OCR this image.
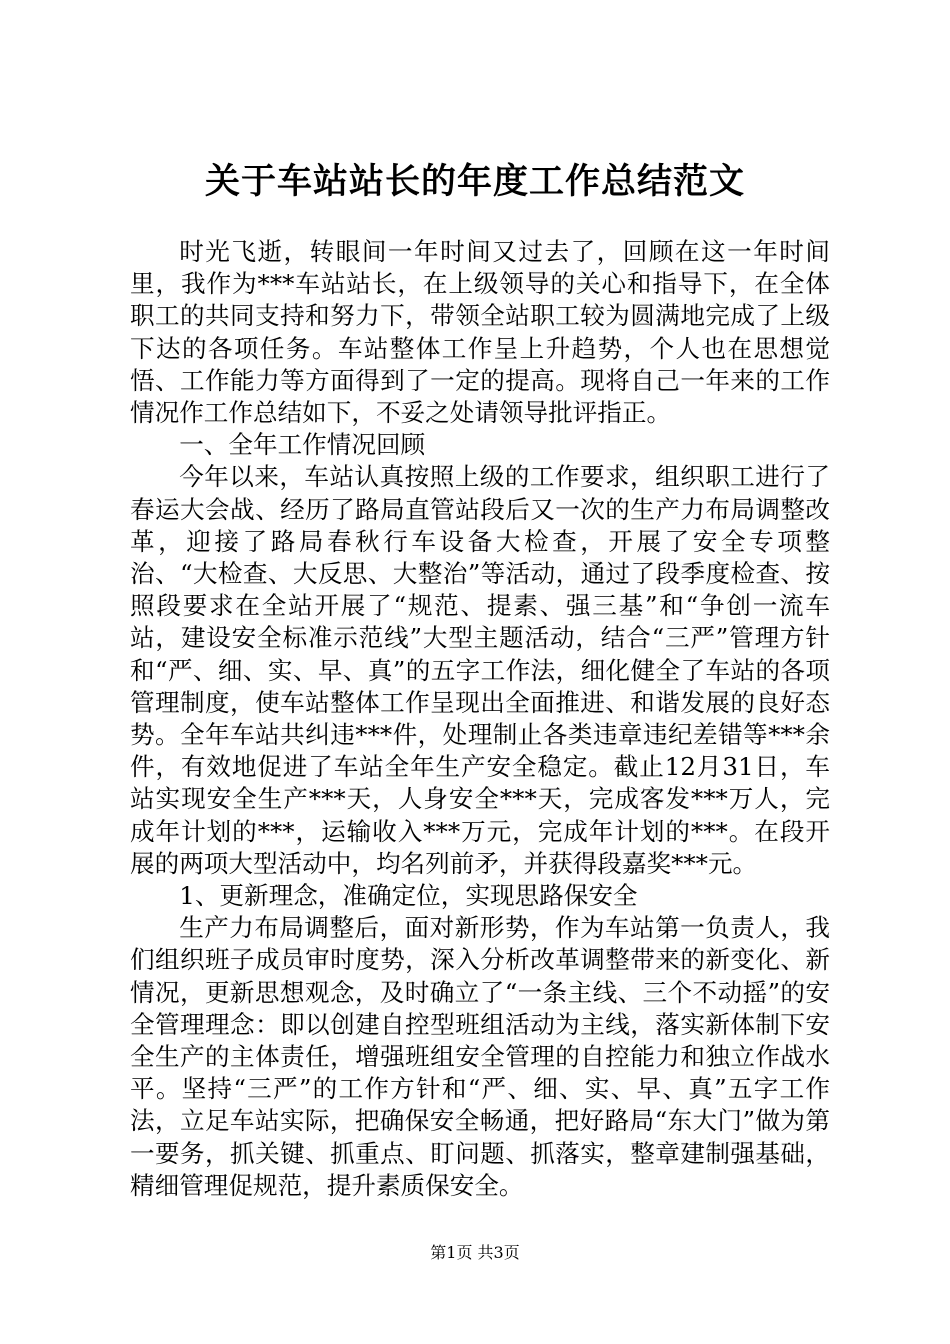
关于车站站长的年度工作总结范文

时光飞逝，转眼间一年时间又过去了，回顾在这一年时间里，我作为***车站站长，在上级领导的关心和指导下，在全体职工的共同支持和努力下，带领全站职工较为圆满地完成了上级下达的各项任务。车站整体工作呈上升趋势，个人也在思想觉悟、工作能力等方面得到了一定的提高。现将自己一年来的工作情况作工作总结如下，不妥之处请领导批评指正。

一、全年工作情况回顾

今年以来，车站认真按照上级的工作要求，组织职工进行了春运大会战、经历了路局直管站段后又一次的生产力布局调整改革，迎接了路局春秋行车设备大检查，开展了安全专项整治、“大检查、大反思、大整治”等活动，通过了段季度检查、按照段要求在全站开展了“规范、提素、强三基”和“争创一流车站，建设安全标准示范线”大型主题活动，结合“三严”管理方针和“严、细、实、早、真”的五字工作法，细化健全了车站的各项管理制度，使车站整体工作呈现出全面推进、和谐发展的良好态势。全年车站共纠违***件，处理制止各类违章违纪差错等***余件，有效地促进了车站全年生产安全稳定。截止12月31日，车站实现安全生产***天，人身安全***天，完成客发***万人，完成年计划的***，运输收入***万元，完成年计划的***。在段开展的两项大型活动中，均名列前矛，并获得段嘉奖***元。

1、更新理念，准确定位，实现思路保安全

生产力布局调整后，面对新形势，作为车站第一负责人，我们组织班子成员审时度势，深入分析改革调整带来的新变化、新情况，更新思想观念，及时确立了“一条主线、三个不动摇”的安全管理理念：即以创建自控型班组活动为主线，落实新体制下安全生产的主体责任，增强班组安全管理的自控能力和独立作战水平。坚持“三严”的工作方针和“严、细、实、早、真”五字工作法，立足车站实际，把确保安全畅通，把好路局“东大门”做为第一要务，抓关键、抓重点、盯问题、抓落实，整章建制强基础，精细管理促规范，提升素质保安全。

第1页 共3页
